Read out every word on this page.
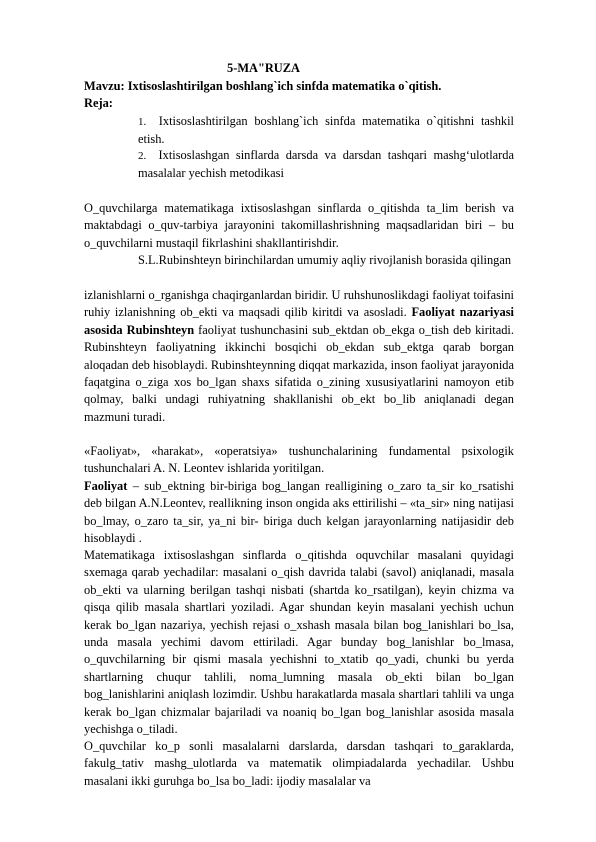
5-MA"RUZA
Mavzu: Ixtisoslashtirilgan boshlang`ich sinfda matematika o`qitish.
Reja:

1. Ixtisoslashtirilgan boshlang`ich sinfda matematika o`qitishni tashkil etish.

2. Ixtisoslashgan sinflarda darsda va darsdan tashqari mashg‘ulotlarda masalalar yechish metodikasi

O_quvchilarga matematikaga ixtisoslashgan sinflarda o_qitishda ta_lim berish va maktabdagi o_quv-tarbiya jarayonini takomillashrishning maqsadlaridan biri – bu o_quvchilarni mustaqil fikrlashini shakllantirishdir.

S.L.Rubinshteyn birinchilardan umumiy aqliy rivojlanish borasida qilingan

izlanishlarni o_rganishga chaqirganlardan biridir. U ruhshunoslikdagi faoliyat toifasini ruhiy izlanishning ob_ekti va maqsadi qilib kiritdi va asosladi. Faoliyat nazariyasi asosida Rubinshteyn faoliyat tushunchasini sub_ektdan ob_ekga o_tish deb kiritadi. Rubinshteyn faoliyatning ikkinchi bosqichi ob_ekdan sub_ektga qarab borgan aloqadan deb hisoblaydi. Rubinshteynning diqqat markazida, inson faoliyat jarayonida faqatgina o_ziga xos bo_lgan shaxs sifatida o_zining xususiyatlarini namoyon etib qolmay, balki undagi ruhiyatning shakllanishi ob_ekt bo_lib aniqlanadi degan mazmuni turadi.

«Faoliyat», «harakat», «operatsiya» tushunchalarining fundamental psixologik tushunchalari A. N. Leontev ishlarida yoritilgan.

Faoliyat – sub_ektning bir-biriga bog_langan realligining o_zaro ta_sir ko_rsatishi deb bilgan A.N.Leontev, reallikning inson ongida aks ettirilishi – «ta_sir» ning natijasi bo_lmay, o_zaro ta_sir, ya_ni bir- biriga duch kelgan jarayonlarning natijasidir deb hisoblaydi .

Matematikaga ixtisoslashgan sinflarda o_qitishda oquvchilar masalani quyidagi sxemaga qarab yechadilar: masalani o_qish davrida talabi (savol) aniqlanadi, masala ob_ekti va ularning berilgan tashqi nisbati (shartda ko_rsatilgan), keyin chizma va qisqa qilib masala shartlari yoziladi. Agar shundan keyin masalani yechish uchun kerak bo_lgan nazariya, yechish rejasi o_xshash masala bilan bog_lanishlari bo_lsa, unda masala yechimi davom ettiriladi. Agar bunday bog_lanishlar bo_lmasa, o_quvchilarning bir qismi masala yechishni to_xtatib qo_yadi, chunki bu yerda shartlarning chuqur tahlili, noma_lumning masala ob_ekti bilan bo_lgan bog_lanishlarini aniqlash lozimdir. Ushbu harakatlarda masala shartlari tahlili va unga kerak bo_lgan chizmalar bajariladi va noaniq bo_lgan bog_lanishlar asosida masala yechishga o_tiladi.

O_quvchilar ko_p sonli masalalarni darslarda, darsdan tashqari to_garaklarda, fakulg_tativ mashg_ulotlarda va matematik olimpiadalarda yechadilar. Ushbu masalani ikki guruhga bo_lsa bo_ladi: ijodiy masalalar va
